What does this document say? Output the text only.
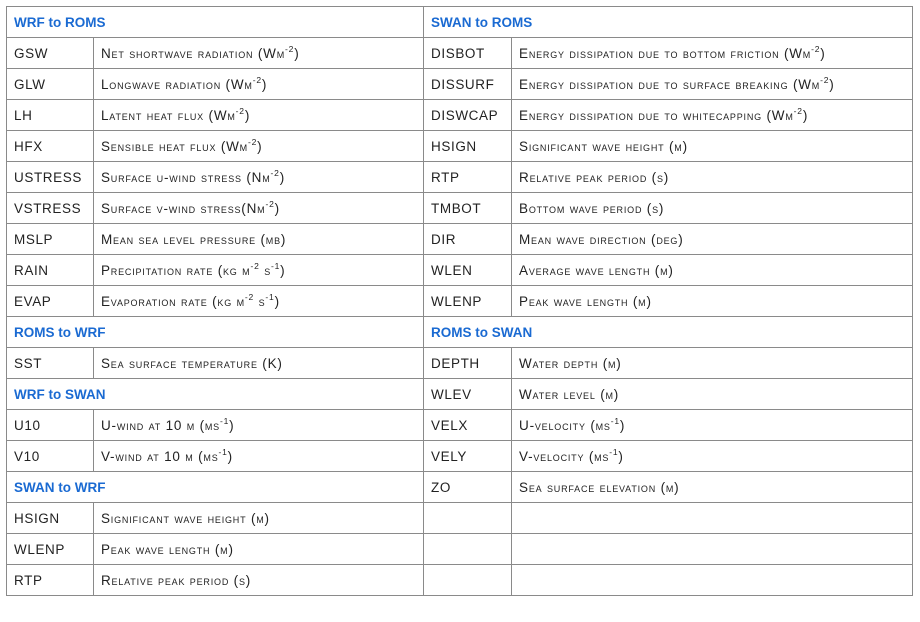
WRF to ROMS		SWAN to ROMS	
GSW	Net shortwave radiation $(Wm^{-2})$	DISBOT	Energy dissipation due to bottom friction $(Wm^{-2})$
GLW	Longwave radiation $(Wm^{-2})$	DISSURF	Energy dissipation due to surface breaking $(Wm^{-2})$
LH	Latent heat flux $(Wm^{-2})$	DISWCAP	Energy dissipation due to whitecapping $(Wm^{-2})$
HFX	Sensible heat flux $(Wm^{-2})$	HSIGN	Significant wave height (m)
USTRESS	Surface u-wind stress $(Nm^{-2})$	RTP	Relative peak period (s)
VSTRESS	Surface v-wind $stress(Nm^{-2})$	TMBOT	Bottom wave period (s)
MSLP	Mean sea level pressure (mb)	DIR	Mean wave direction (deg)
RAIN	Precipitation rate (kg $m^{-2}$ $s^{-1}$)	WLEN	Average wave length (m)
EVAP	Evaporation rate (kg $m^{-2}$ $s^{-1}$)	WLENP	Peak wave length (m)
ROMS to WRF		ROMS to SWAN	
SST	Sea surface temperature (K)	DEPTH	Water depth (m)
WRF to SWAN		WLEV	Water level (m)
U10	U-wind at 10 m $(ms^{-1})$	VELX	U-velocity $(ms^{-1})$
V10	V-wind at 10 m $(ms^{-1})$	VELY	V-velocity $(ms^{-1})$
SWAN to WRF		ZO	Sea surface elevation (m)
HSIGN	Significant wave height (m)		
WLENP	Peak wave length (m)		
RTP	Relative peak period (s)		
